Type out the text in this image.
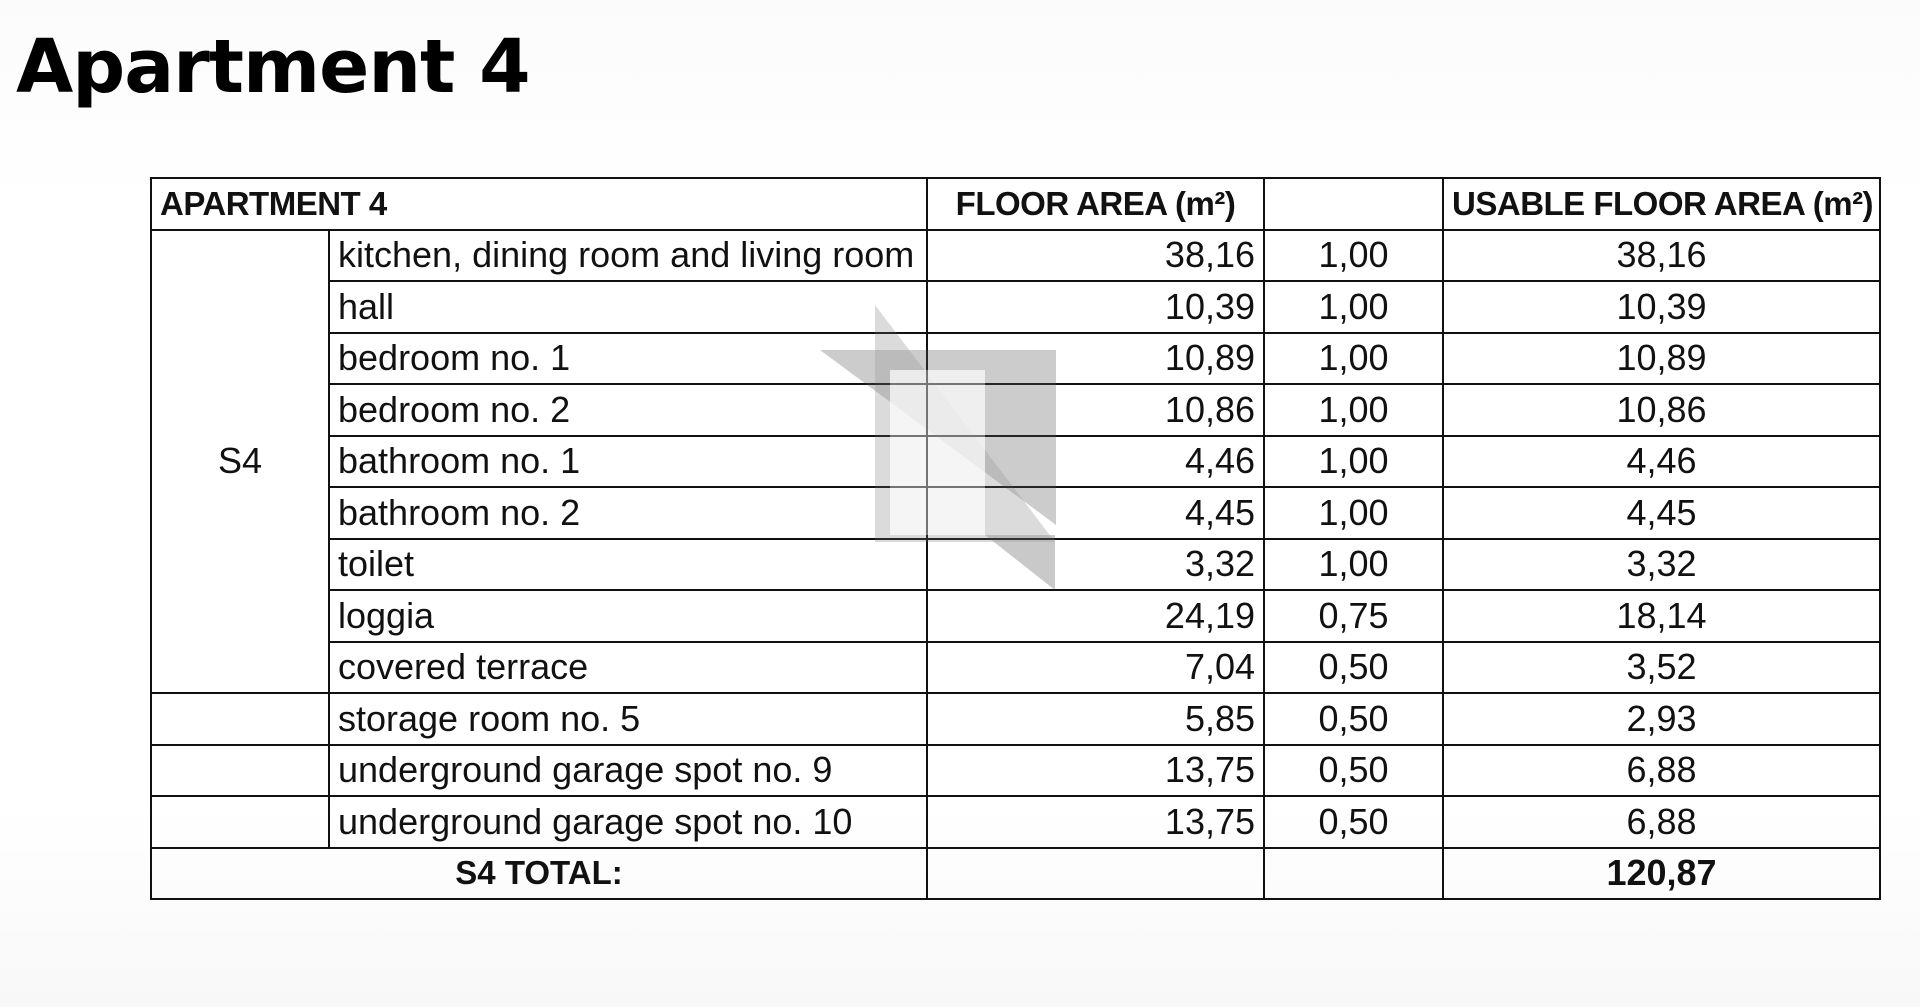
Apartment 4
APARTMENT 4		FLOOR AREA (m²)		USABLE FLOOR AREA (m²)
S4	kitchen, dining room and living room	38,16	1,00	38,16
	hall	10,39	1,00	10,39
	bedroom no. 1	10,89	1,00	10,89
	bedroom no. 2	10,86	1,00	10,86
	bathroom no. 1	4,46	1,00	4,46
	bathroom no. 2	4,45	1,00	4,45
	toilet	3,32	1,00	3,32
	loggia	24,19	0,75	18,14
	covered terrace	7,04	0,50	3,52
	storage room no. 5	5,85	0,50	2,93
	underground garage spot no. 9	13,75	0,50	6,88
	underground garage spot no. 10	13,75	0,50	6,88
S4 TOTAL:				120,87
